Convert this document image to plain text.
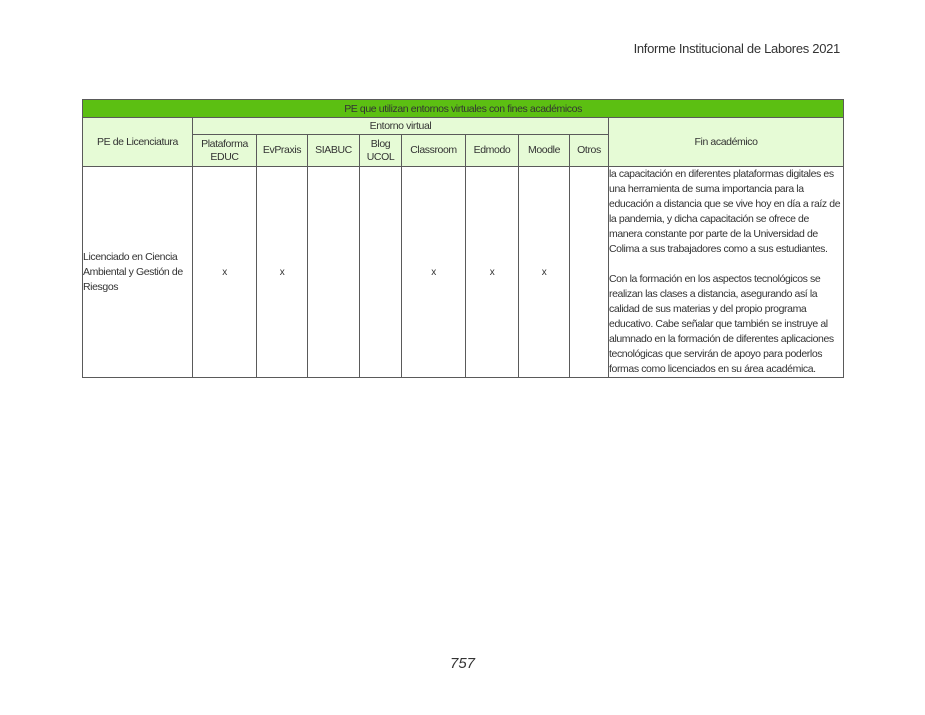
Informe Institucional de Labores 2021
PE que utilizan entornos virtuales con fines académicos									
PE de Licenciatura	Entorno virtual								Fin académico
	Plataforma EDUC	EvPraxis	SIABUC	Blog UCOL	Classroom	Edmodo	Moodle	Otros	
Licenciado en Ciencia Ambiental y Gestión de Riesgos	x	x			x	x	x		la capacitación en diferentes plataformas digitales es una herramienta de suma importancia para la educación a distancia que se vive hoy en día a raíz de la pandemia, y dicha capacitación se ofrece de manera constante por parte de la Universidad de Colima a sus trabajadores como a sus estudiantes.

Con la formación en los aspectos tecnológicos se realizan las clases a distancia, asegurando así la calidad de sus materias y del propio programa educativo. Cabe señalar que también se instruye al alumnado en la formación de diferentes aplicaciones tecnológicas que servirán de apoyo para poderlos formas como licenciados en su área académica.

757
